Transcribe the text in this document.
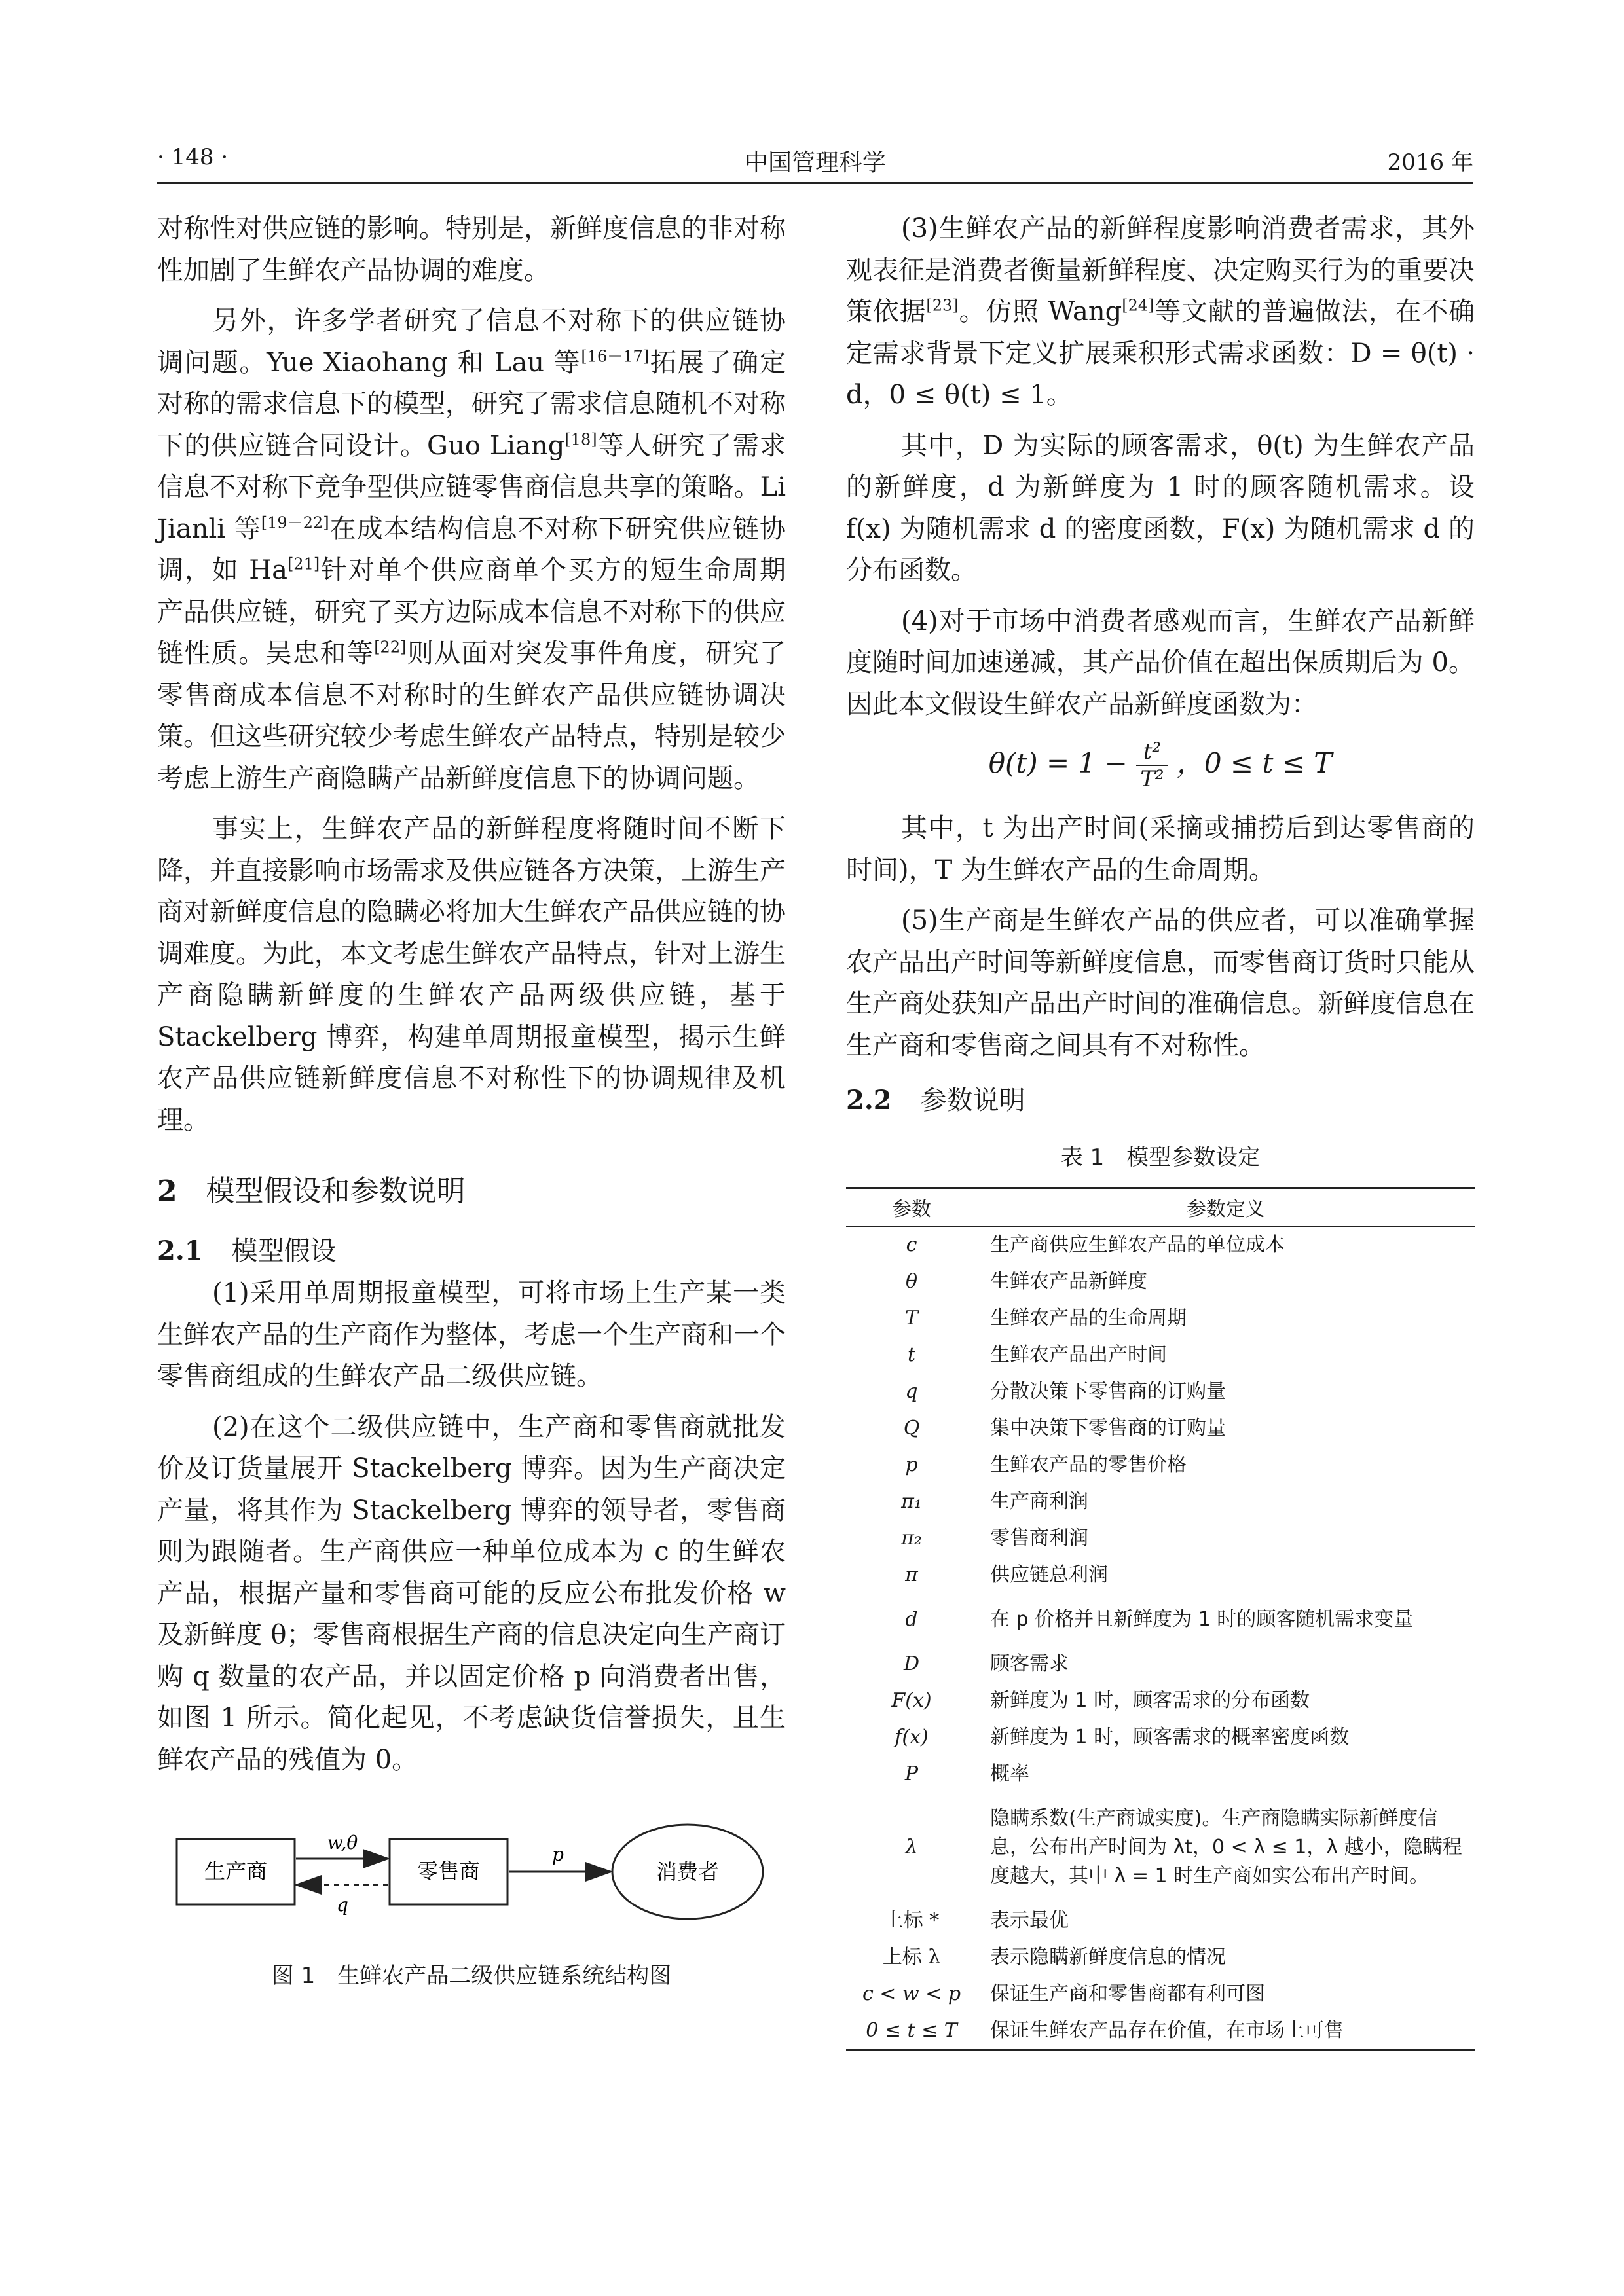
中国管理科学
· 148 ·	2016 年

对称性对供应链的影响。特别是，新鲜度信息的非对称性加剧了生鲜农产品协调的难度。

另外，许多学者研究了信息不对称下的供应链协调问题。Yue Xiaohang 和 Lau 等[16－17]拓展了确定对称的需求信息下的模型，研究了需求信息随机不对称下的供应链合同设计。Guo Liang[18]等人研究了需求信息不对称下竞争型供应链零售商信息共享的策略。Li Jianli 等[19－22]在成本结构信息不对称下研究供应链协调，如 Ha[21]针对单个供应商单个买方的短生命周期产品供应链，研究了买方边际成本信息不对称下的供应链性质。吴忠和等[22]则从面对突发事件角度，研究了零售商成本信息不对称时的生鲜农产品供应链协调决策。但这些研究较少考虑生鲜农产品特点，特别是较少考虑上游生产商隐瞒产品新鲜度信息下的协调问题。

事实上，生鲜农产品的新鲜程度将随时间不断下降，并直接影响市场需求及供应链各方决策，上游生产商对新鲜度信息的隐瞒必将加大生鲜农产品供应链的协调难度。为此，本文考虑生鲜农产品特点，针对上游生产商隐瞒新鲜度的生鲜农产品两级供应链，基于 Stackelberg 博弈，构建单周期报童模型，揭示生鲜农产品供应链新鲜度信息不对称性下的协调规律及机理。

2 模型假设和参数说明
2.1 模型假设

(1)采用单周期报童模型，可将市场上生产某一类生鲜农产品的生产商作为整体，考虑一个生产商和一个零售商组成的生鲜农产品二级供应链。

(2)在这个二级供应链中，生产商和零售商就批发价及订货量展开 Stackelberg 博弈。因为生产商决定产量，将其作为 Stackelberg 博弈的领导者，零售商则为跟随者。生产商供应一种单位成本为 c 的生鲜农产品，根据产量和零售商可能的反应公布批发价格 w 及新鲜度 θ；零售商根据生产商的信息决定向生产商订购 q 数量的农产品，并以固定价格 p 向消费者出售，如图 1 所示。简化起见，不考虑缺货信誉损失，且生鲜农产品的残值为 0。

生产商	零售商	消费者
w,θ
q
p
图 1　生鲜农产品二级供应链系统结构图

(3)生鲜农产品的新鲜程度影响消费者需求，其外观表征是消费者衡量新鲜程度、决定购买行为的重要决策依据[23]。仿照 Wang[24]等文献的普遍做法，在不确定需求背景下定义扩展乘积形式需求函数：D = θ(t) · d，0 ≤ θ(t) ≤ 1。

其中，D 为实际的顾客需求，θ(t) 为生鲜农产品的新鲜度，d 为新鲜度为 1 时的顾客随机需求。设 f(x) 为随机需求 d 的密度函数，F(x) 为随机需求 d 的分布函数。

(4)对于市场中消费者感观而言，生鲜农产品新鲜度随时间加速递减，其产品价值在超出保质期后为 0。因此本文假设生鲜农产品新鲜度函数为：

$\theta(t) = 1 - \frac{\text{t²}}{\text{T²}}$ ，0 ≤ t ≤ T

其中，t 为出产时间(采摘或捕捞后到达零售商的时间)，T 为生鲜农产品的生命周期。

(5)生产商是生鲜农产品的供应者，可以准确掌握农产品出产时间等新鲜度信息，而零售商订货时只能从生产商处获知产品出产时间的准确信息。新鲜度信息在生产商和零售商之间具有不对称性。

2.2 参数说明
表 1　模型参数设定
参数	参数定义
c	生产商供应生鲜农产品的单位成本
θ	生鲜农产品新鲜度
T	生鲜农产品的生命周期
t	生鲜农产品出产时间
q	分散决策下零售商的订购量
Q	集中决策下零售商的订购量
p	生鲜农产品的零售价格
π₁	生产商利润
π₂	零售商利润
π	供应链总利润
d	在 p 价格并且新鲜度为 1 时的顾客随机需求变量
D	顾客需求
F(x)	新鲜度为 1 时，顾客需求的分布函数
f(x)	新鲜度为 1 时，顾客需求的概率密度函数
P	概率
λ	隐瞒系数(生产商诚实度)。生产商隐瞒实际新鲜度信息，公布出产时间为 λt，0 < λ ≤ 1，λ 越小，隐瞒程度越大，其中 λ = 1 时生产商如实公布出产时间。
上标 *	表示最优
上标 λ	表示隐瞒新鲜度信息的情况
c < w < p	保证生产商和零售商都有利可图
0 ≤ t ≤ T	保证生鲜农产品存在价值，在市场上可售
